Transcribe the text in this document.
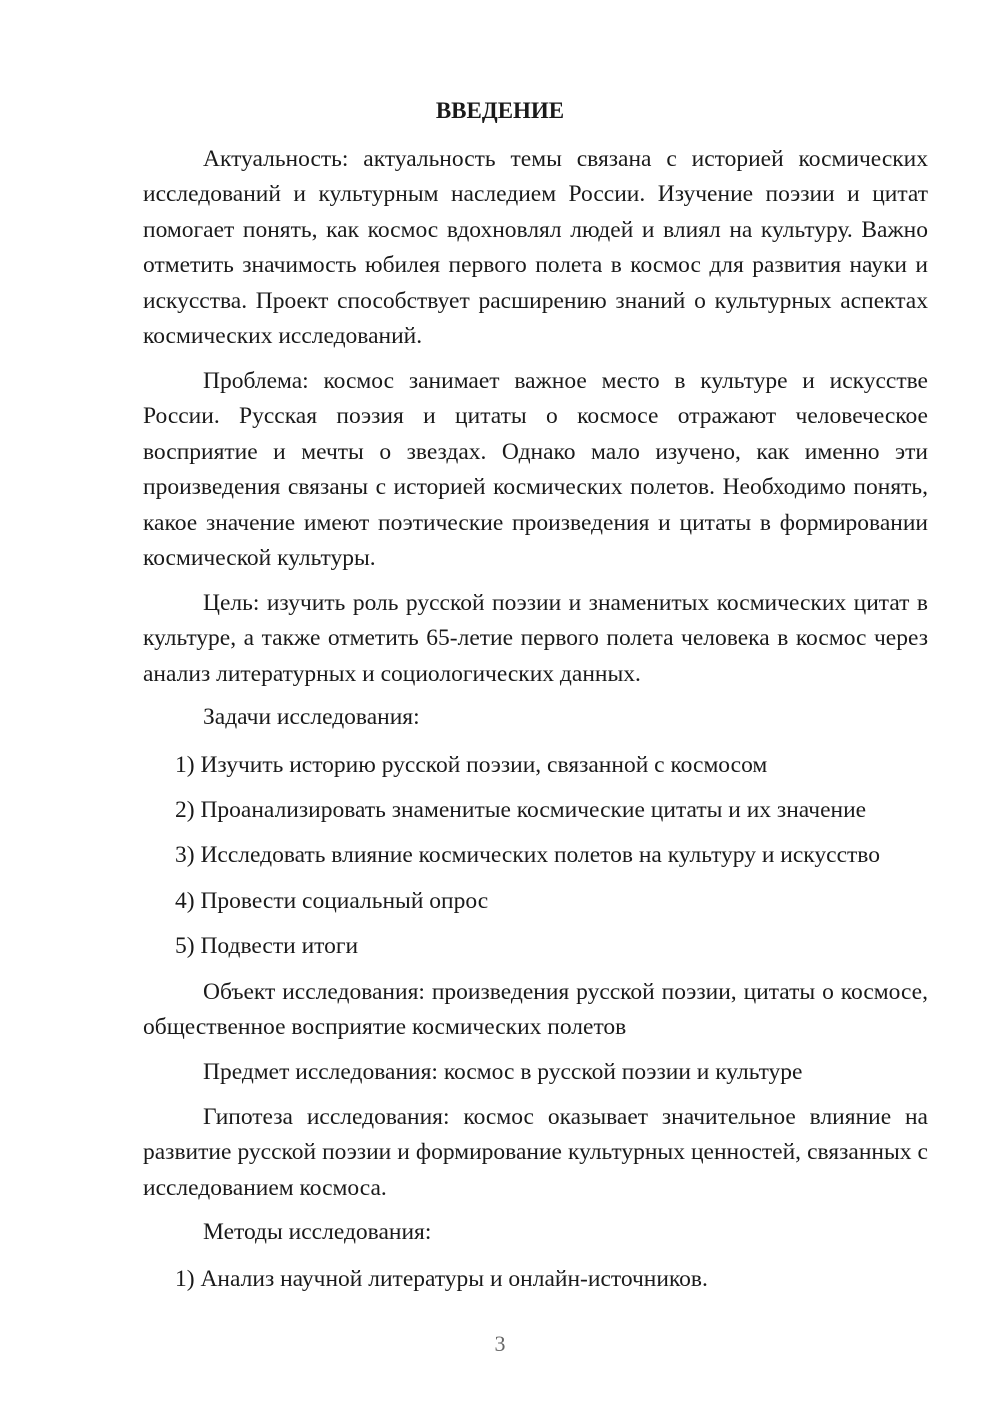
ВВЕДЕНИЕ

Актуальность: актуальность темы связана с историей космических исследований и культурным наследием России. Изучение поэзии и цитат помогает понять, как космос вдохновлял людей и влиял на культуру. Важно отметить значимость юбилея первого полета в космос для развития науки и искусства. Проект способствует расширению знаний о культурных аспектах космических исследований.

Проблема: космос занимает важное место в культуре и искусстве России. Русская поэзия и цитаты о космосе отражают человеческое восприятие и мечты о звездах. Однако мало изучено, как именно эти произведения связаны с историей космических полетов. Необходимо понять, какое значение имеют поэтические произведения и цитаты в формировании космической культуры.

Цель: изучить роль русской поэзии и знаменитых космических цитат в культуре, а также отметить 65-летие первого полета человека в космос через анализ литературных и социологических данных.

Задачи исследования:

1) Изучить историю русской поэзии, связанной с космосом

2) Проанализировать знаменитые космические цитаты и их значение

3) Исследовать влияние космических полетов на культуру и искусство

4) Провести социальный опрос

5) Подвести итоги

Объект исследования: произведения русской поэзии, цитаты о космосе, общественное восприятие космических полетов

Предмет исследования: космос в русской поэзии и культуре

Гипотеза исследования: космос оказывает значительное влияние на развитие русской поэзии и формирование культурных ценностей, связанных с исследованием космоса.

Методы исследования:

1) Анализ научной литературы и онлайн-источников.

3
